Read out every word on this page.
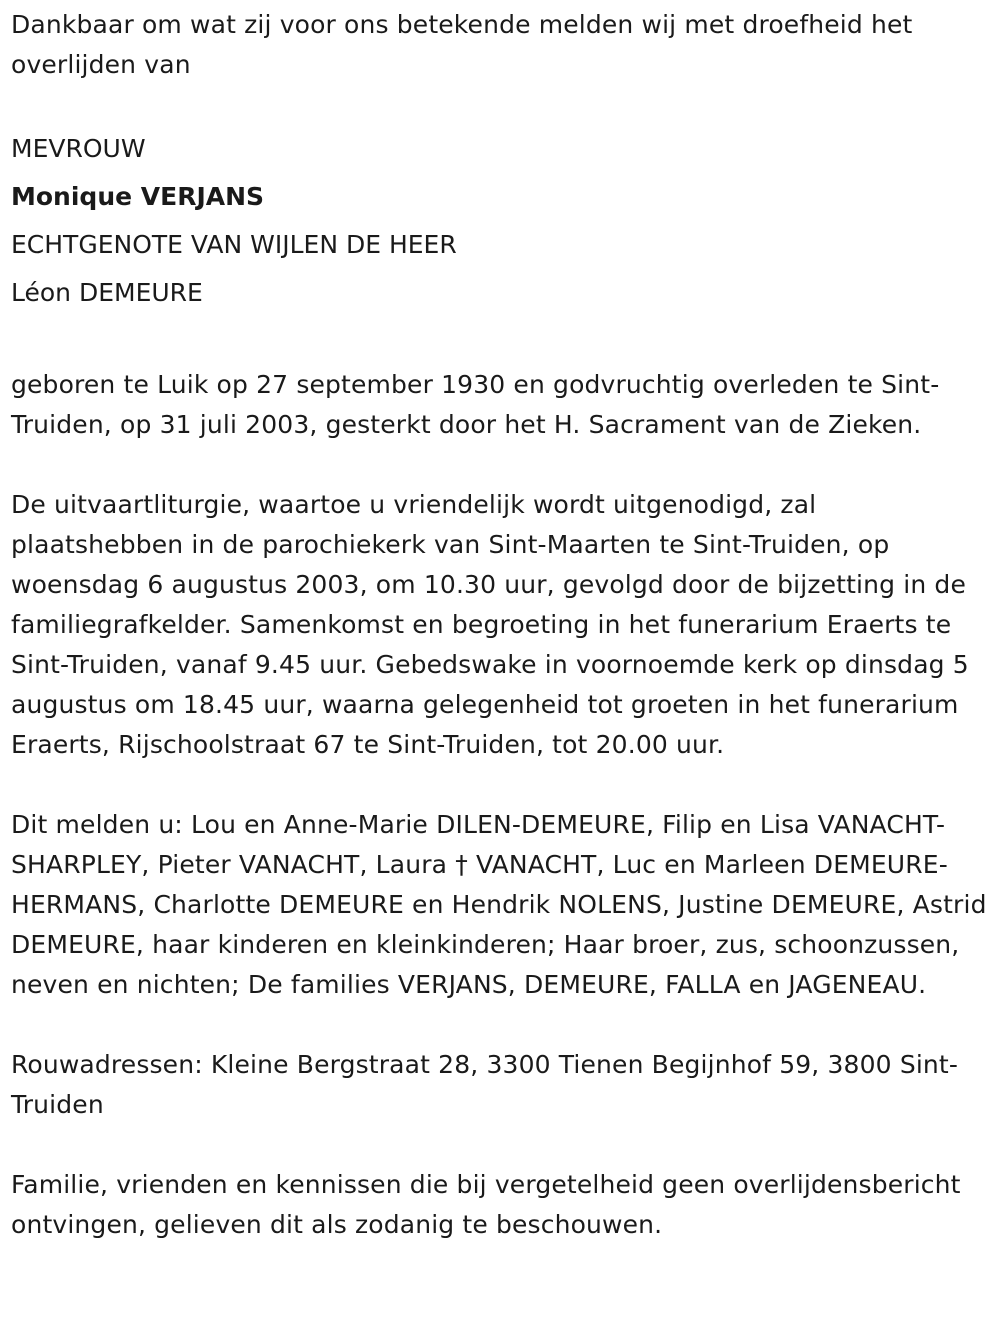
Dankbaar om wat zij voor ons betekende melden wij met droefheid het overlijden van

MEVROUW
Monique VERJANS
ECHTGENOTE VAN WIJLEN DE HEER
Léon DEMEURE

geboren te Luik op 27 september 1930 en godvruchtig overleden te Sint-Truiden, op 31 juli 2003, gesterkt door het H. Sacrament van de Zieken.

De uitvaartliturgie, waartoe u vriendelijk wordt uitgenodigd, zal plaatshebben in de parochiekerk van Sint-Maarten te Sint-Truiden, op woensdag 6 augustus 2003, om 10.30 uur, gevolgd door de bijzetting in de familiegrafkelder. Samenkomst en begroeting in het funerarium Eraerts te Sint-Truiden, vanaf 9.45 uur. Gebedswake in voornoemde kerk op dinsdag 5 augustus om 18.45 uur, waarna gelegenheid tot groeten in het funerarium Eraerts, Rijschoolstraat 67 te Sint-Truiden, tot 20.00 uur.

Dit melden u: Lou en Anne-Marie DILEN-DEMEURE, Filip en Lisa VANACHT-SHARPLEY, Pieter VANACHT, Laura † VANACHT, Luc en Marleen DEMEURE-HERMANS, Charlotte DEMEURE en Hendrik NOLENS, Justine DEMEURE, Astrid DEMEURE, haar kinderen en kleinkinderen; Haar broer, zus, schoonzussen, neven en nichten; De families VERJANS, DEMEURE, FALLA en JAGENEAU.

Rouwadressen: Kleine Bergstraat 28, 3300 Tienen Begijnhof 59, 3800 Sint-Truiden

Familie, vrienden en kennissen die bij vergetelheid geen overlijdensbericht ontvingen, gelieven dit als zodanig te beschouwen.
